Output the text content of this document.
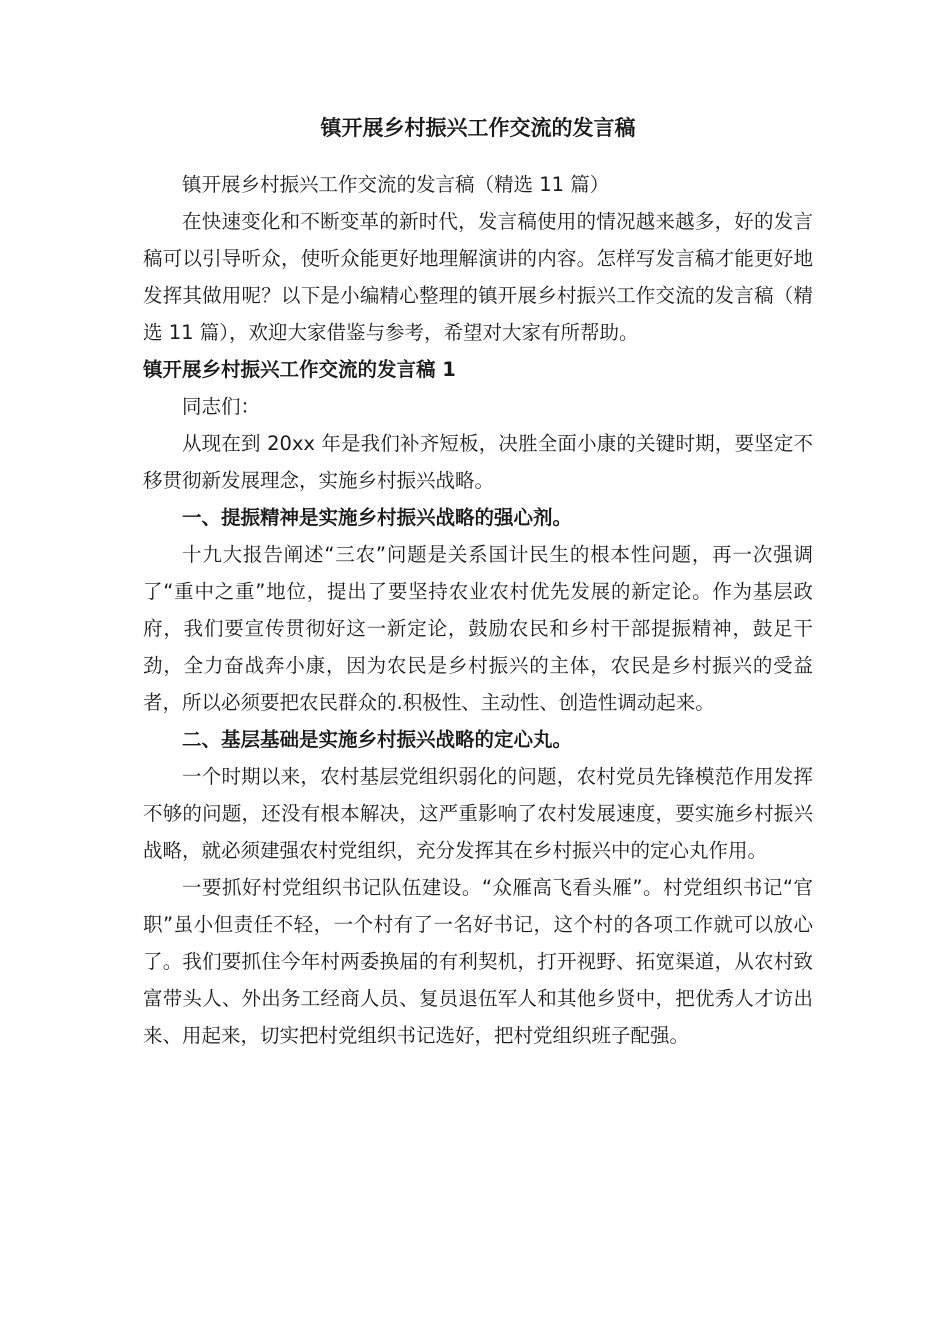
镇开展乡村振兴工作交流的发言稿

镇开展乡村振兴工作交流的发言稿（精选 11 篇）

在快速变化和不断变革的新时代，发言稿使用的情况越来越多，好的发言稿可以引导听众，使听众能更好地理解演讲的内容。怎样写发言稿才能更好地发挥其做用呢？以下是小编精心整理的镇开展乡村振兴工作交流的发言稿（精选 11 篇），欢迎大家借鉴与参考，希望对大家有所帮助。

镇开展乡村振兴工作交流的发言稿 1

同志们：

从现在到 20xx 年是我们补齐短板，决胜全面小康的关键时期，要坚定不移贯彻新发展理念，实施乡村振兴战略。

一、提振精神是实施乡村振兴战略的强心剂。

十九大报告阐述“三农”问题是关系国计民生的根本性问题，再一次强调了“重中之重”地位，提出了要坚持农业农村优先发展的新定论。作为基层政府，我们要宣传贯彻好这一新定论，鼓励农民和乡村干部提振精神，鼓足干劲，全力奋战奔小康，因为农民是乡村振兴的主体，农民是乡村振兴的受益者，所以必须要把农民群众的.积极性、主动性、创造性调动起来。

二、基层基础是实施乡村振兴战略的定心丸。

一个时期以来，农村基层党组织弱化的问题，农村党员先锋模范作用发挥不够的问题，还没有根本解决，这严重影响了农村发展速度，要实施乡村振兴战略，就必须建强农村党组织，充分发挥其在乡村振兴中的定心丸作用。

一要抓好村党组织书记队伍建设。“众雁高飞看头雁”。村党组织书记“官职”虽小但责任不轻，一个村有了一名好书记，这个村的各项工作就可以放心了。我们要抓住今年村两委换届的有利契机，打开视野、拓宽渠道，从农村致富带头人、外出务工经商人员、复员退伍军人和其他乡贤中，把优秀人才访出来、用起来，切实把村党组织书记选好，把村党组织班子配强。
